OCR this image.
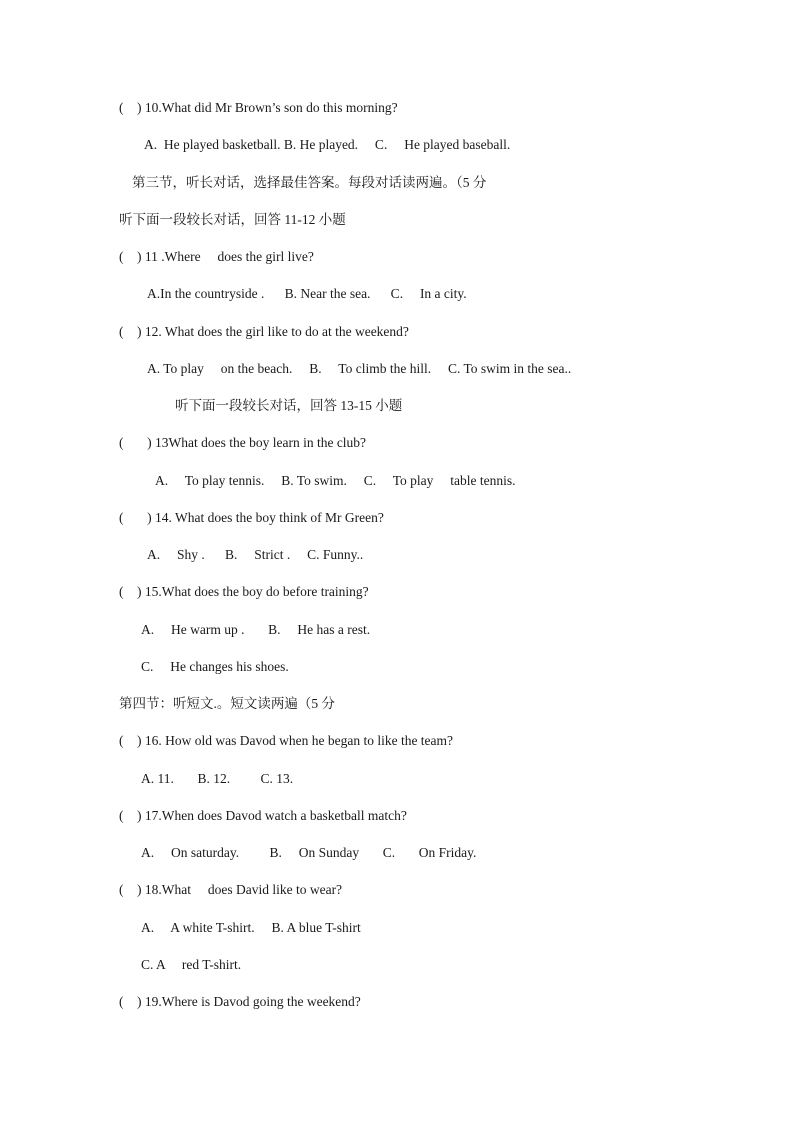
(    ) 10.What did Mr Brown’s son do this morning?
A.  He played basketball. B. He played.     C.     He played baseball.
第三节，听长对话，选择最佳答案。每段对话读两遍。（5 分
听下面一段较长对话，回答 11-12 小题
(    ) 11 .Where     does the girl live?
A.In the countryside .      B. Near the sea.      C.     In a city.
(    ) 12. What does the girl like to do at the weekend?
A. To play     on the beach.     B.     To climb the hill.     C. To swim in the sea..
听下面一段较长对话，回答 13-15 小题
(       ) 13What does the boy learn in the club?
A.     To play tennis.     B. To swim.     C.     To play     table tennis.
(       ) 14. What does the boy think of Mr Green?
A.     Shy .      B.     Strict .     C. Funny..
(    ) 15.What does the boy do before training?
A.     He warm up .       B.     He has a rest.
C.     He changes his shoes.
第四节：听短文.。短文读两遍（5 分
(    ) 16. How old was Davod when he began to like the team?
A. 11.       B. 12.         C. 13.
(    ) 17.When does Davod watch a basketball match?
A.     On saturday.         B.     On Sunday       C.       On Friday.
(    ) 18.What     does David like to wear?
A.     A white T-shirt.     B. A blue T-shirt
C. A     red T-shirt.
(    ) 19.Where is Davod going the weekend?
